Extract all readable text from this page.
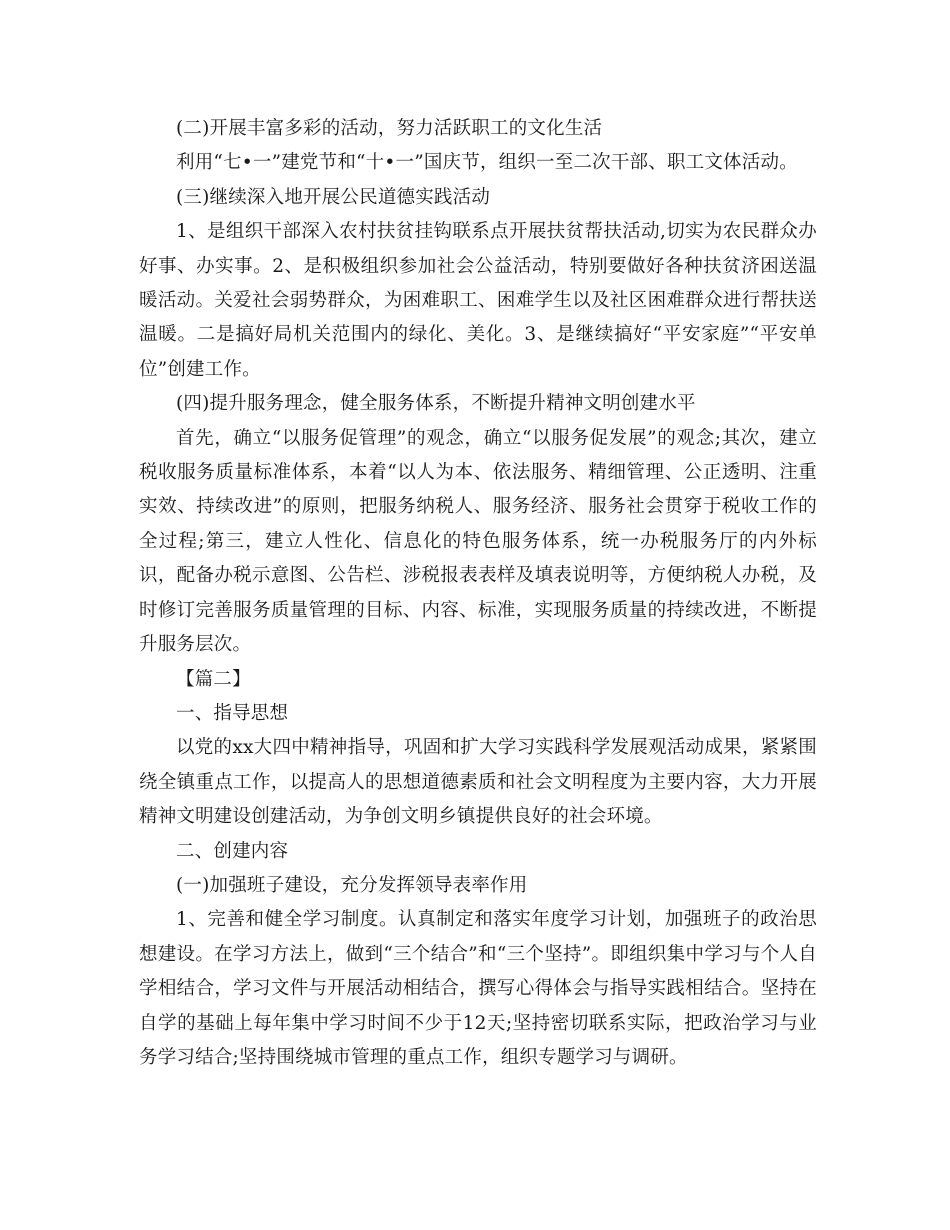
(二)开展丰富多彩的活动，努力活跃职工的文化生活

利用“七•一”建党节和“十•一”国庆节，组织一至二次干部、职工文体活动。

(三)继续深入地开展公民道德实践活动

1、是组织干部深入农村扶贫挂钩联系点开展扶贫帮扶活动,切实为农民群众办好事、办实事。2、是积极组织参加社会公益活动，特别要做好各种扶贫济困送温暖活动。关爱社会弱势群众，为困难职工、困难学生以及社区困难群众进行帮扶送温暖。二是搞好局机关范围内的绿化、美化。3、是继续搞好“平安家庭”“平安单位”创建工作。

(四)提升服务理念，健全服务体系，不断提升精神文明创建水平

首先，确立“以服务促管理”的观念，确立“以服务促发展”的观念;其次，建立税收服务质量标准体系，本着“以人为本、依法服务、精细管理、公正透明、注重实效、持续改进”的原则，把服务纳税人、服务经济、服务社会贯穿于税收工作的全过程;第三，建立人性化、信息化的特色服务体系，统一办税服务厅的内外标识，配备办税示意图、公告栏、涉税报表表样及填表说明等，方便纳税人办税，及时修订完善服务质量管理的目标、内容、标准，实现服务质量的持续改进，不断提升服务层次。

【篇二】

一、指导思想

以党的xx大四中精神指导，巩固和扩大学习实践科学发展观活动成果，紧紧围绕全镇重点工作，以提高人的思想道德素质和社会文明程度为主要内容，大力开展精神文明建设创建活动，为争创文明乡镇提供良好的社会环境。

二、创建内容

(一)加强班子建设，充分发挥领导表率作用

1、完善和健全学习制度。认真制定和落实年度学习计划，加强班子的政治思想建设。在学习方法上，做到“三个结合”和“三个坚持”。即组织集中学习与个人自学相结合，学习文件与开展活动相结合，撰写心得体会与指导实践相结合。坚持在自学的基础上每年集中学习时间不少于12天;坚持密切联系实际，把政治学习与业务学习结合;坚持围绕城市管理的重点工作，组织专题学习与调研。
